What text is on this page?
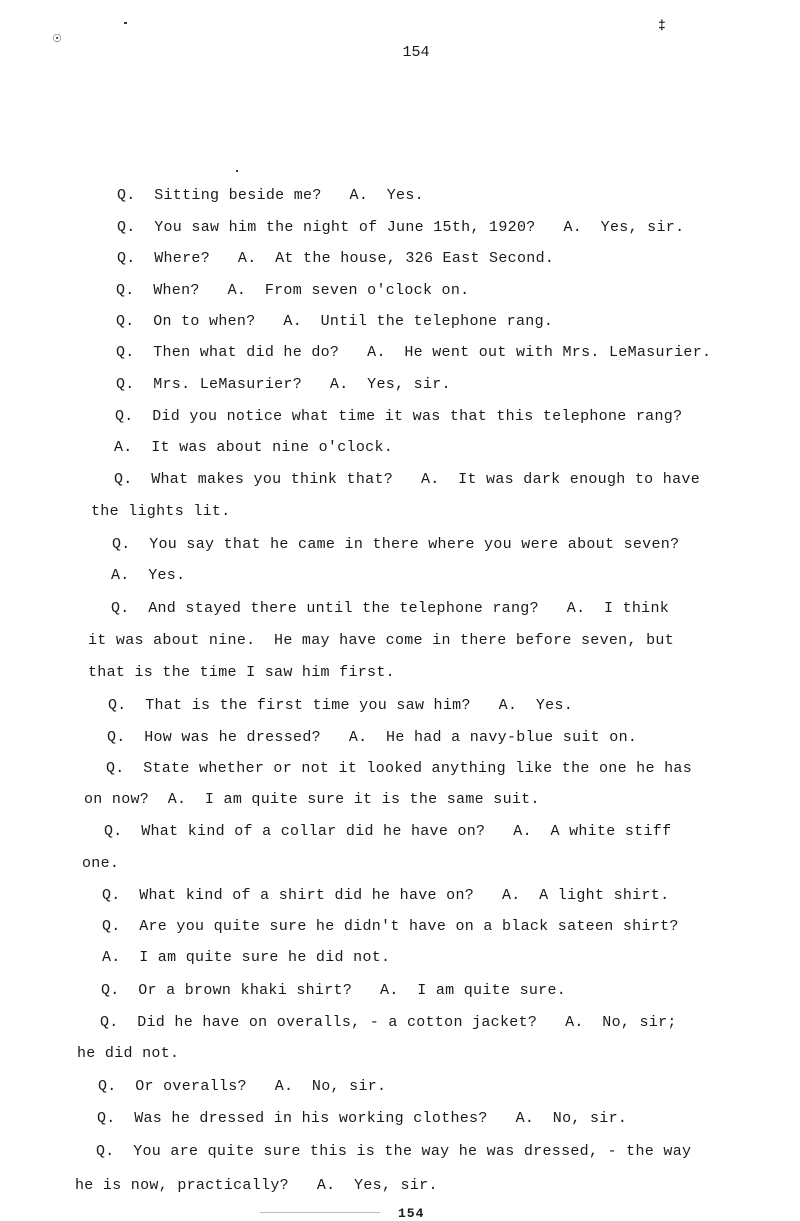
☉
‡
154
Q.  Sitting beside me?   A.  Yes.
Q.  You saw him the night of June 15th, 1920?   A.  Yes, sir.
Q.  Where?   A.  At the house, 326 East Second.
Q.  When?   A.  From seven o'clock on.
Q.  On to when?   A.  Until the telephone rang.
Q.  Then what did he do?   A.  He went out with Mrs. LeMasurier.
Q.  Mrs. LeMasurier?   A.  Yes, sir.
Q.  Did you notice what time it was that this telephone rang?
A.  It was about nine o'clock.
Q.  What makes you think that?   A.  It was dark enough to have
the lights lit.
Q.  You say that he came in there where you were about seven?
A.  Yes.
Q.  And stayed there until the telephone rang?   A.  I think
it was about nine.  He may have come in there before seven, but
that is the time I saw him first.
Q.  That is the first time you saw him?   A.  Yes.
Q.  How was he dressed?   A.  He had a navy-blue suit on.
Q.  State whether or not it looked anything like the one he has
on now?  A.  I am quite sure it is the same suit.
Q.  What kind of a collar did he have on?   A.  A white stiff
one.
Q.  What kind of a shirt did he have on?   A.  A light shirt.
Q.  Are you quite sure he didn't have on a black sateen shirt?
A.  I am quite sure he did not.
Q.  Or a brown khaki shirt?   A.  I am quite sure.
Q.  Did he have on overalls, - a cotton jacket?   A.  No, sir;
he did not.
Q.  Or overalls?   A.  No, sir.
Q.  Was he dressed in his working clothes?   A.  No, sir.
Q.  You are quite sure this is the way he was dressed, - the way
he is now, practically?   A.  Yes, sir.
154
